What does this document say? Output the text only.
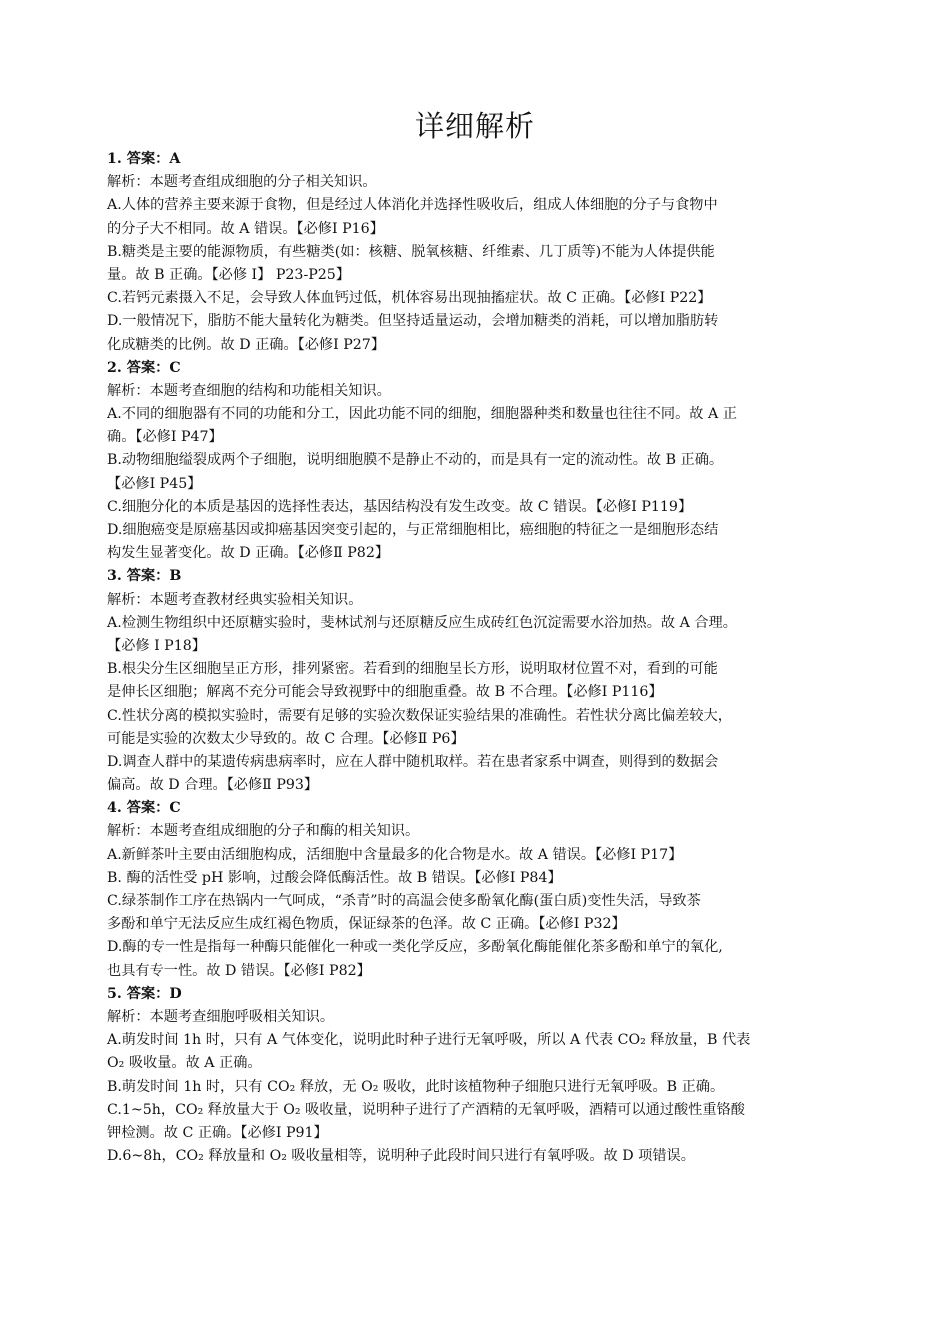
详细解析
1. 答案：A
解析：本题考查组成细胞的分子相关知识。
A.人体的营养主要来源于食物，但是经过人体消化并选择性吸收后，组成人体细胞的分子与食物中
的分子大不相同。故 A 错误。【必修Ⅰ P16】
B.糖类是主要的能源物质，有些糖类(如：核糖、脱氧核糖、纤维素、几丁质等)不能为人体提供能
量。故 B 正确。【必修 Ⅰ】 P23-P25】
C.若钙元素摄入不足，会导致人体血钙过低，机体容易出现抽搐症状。故 C 正确。【必修Ⅰ P22】
D.一般情况下，脂肪不能大量转化为糖类。但坚持适量运动，会增加糖类的消耗，可以增加脂肪转
化成糖类的比例。故 D 正确。【必修Ⅰ P27】
2. 答案：C
解析：本题考查细胞的结构和功能相关知识。
A.不同的细胞器有不同的功能和分工，因此功能不同的细胞，细胞器种类和数量也往往不同。故 A 正
确。【必修Ⅰ P47】
B.动物细胞缢裂成两个子细胞，说明细胞膜不是静止不动的，而是具有一定的流动性。故 B 正确。
【必修Ⅰ P45】
C.细胞分化的本质是基因的选择性表达，基因结构没有发生改变。故 C 错误。【必修Ⅰ P119】
D.细胞癌变是原癌基因或抑癌基因突变引起的，与正常细胞相比，癌细胞的特征之一是细胞形态结
构发生显著变化。故 D 正确。【必修Ⅱ P82】
3. 答案：B
解析：本题考查教材经典实验相关知识。
A.检测生物组织中还原糖实验时，斐林试剂与还原糖反应生成砖红色沉淀需要水浴加热。故 A 合理。
【必修 Ⅰ P18】
B.根尖分生区细胞呈正方形，排列紧密。若看到的细胞呈长方形，说明取材位置不对，看到的可能
是伸长区细胞；解离不充分可能会导致视野中的细胞重叠。故 B 不合理。【必修Ⅰ P116】
C.性状分离的模拟实验时，需要有足够的实验次数保证实验结果的准确性。若性状分离比偏差较大，
可能是实验的次数太少导致的。故 C 合理。【必修Ⅱ P6】
D.调查人群中的某遗传病患病率时，应在人群中随机取样。若在患者家系中调查，则得到的数据会
偏高。故 D 合理。【必修Ⅱ P93】
4. 答案：C
解析：本题考查组成细胞的分子和酶的相关知识。
A.新鲜茶叶主要由活细胞构成，活细胞中含量最多的化合物是水。故 A 错误。【必修Ⅰ P17】
B. 酶的活性受 pH 影响，过酸会降低酶活性。故 B 错误。【必修Ⅰ P84】
C.绿茶制作工序在热锅内一气呵成，“杀青”时的高温会使多酚氧化酶(蛋白质)变性失活，导致茶
多酚和单宁无法反应生成红褐色物质，保证绿茶的色泽。故 C 正确。【必修Ⅰ P32】
D.酶的专一性是指每一种酶只能催化一种或一类化学反应，多酚氧化酶能催化茶多酚和单宁的氧化,
也具有专一性。故 D 错误。【必修Ⅰ P82】
5. 答案：D
解析：本题考查细胞呼吸相关知识。
A.萌发时间 1h 时，只有 A 气体变化，说明此时种子进行无氧呼吸，所以 A 代表 CO₂ 释放量，B 代表
O₂ 吸收量。故 A 正确。
B.萌发时间 1h 时，只有 CO₂ 释放，无 O₂ 吸收，此时该植物种子细胞只进行无氧呼吸。B 正确。
C.1~5h，CO₂ 释放量大于 O₂ 吸收量，说明种子进行了产酒精的无氧呼吸，酒精可以通过酸性重铬酸
钾检测。故 C 正确。【必修Ⅰ P91】
D.6~8h，CO₂ 释放量和 O₂ 吸收量相等，说明种子此段时间只进行有氧呼吸。故 D 项错误。
